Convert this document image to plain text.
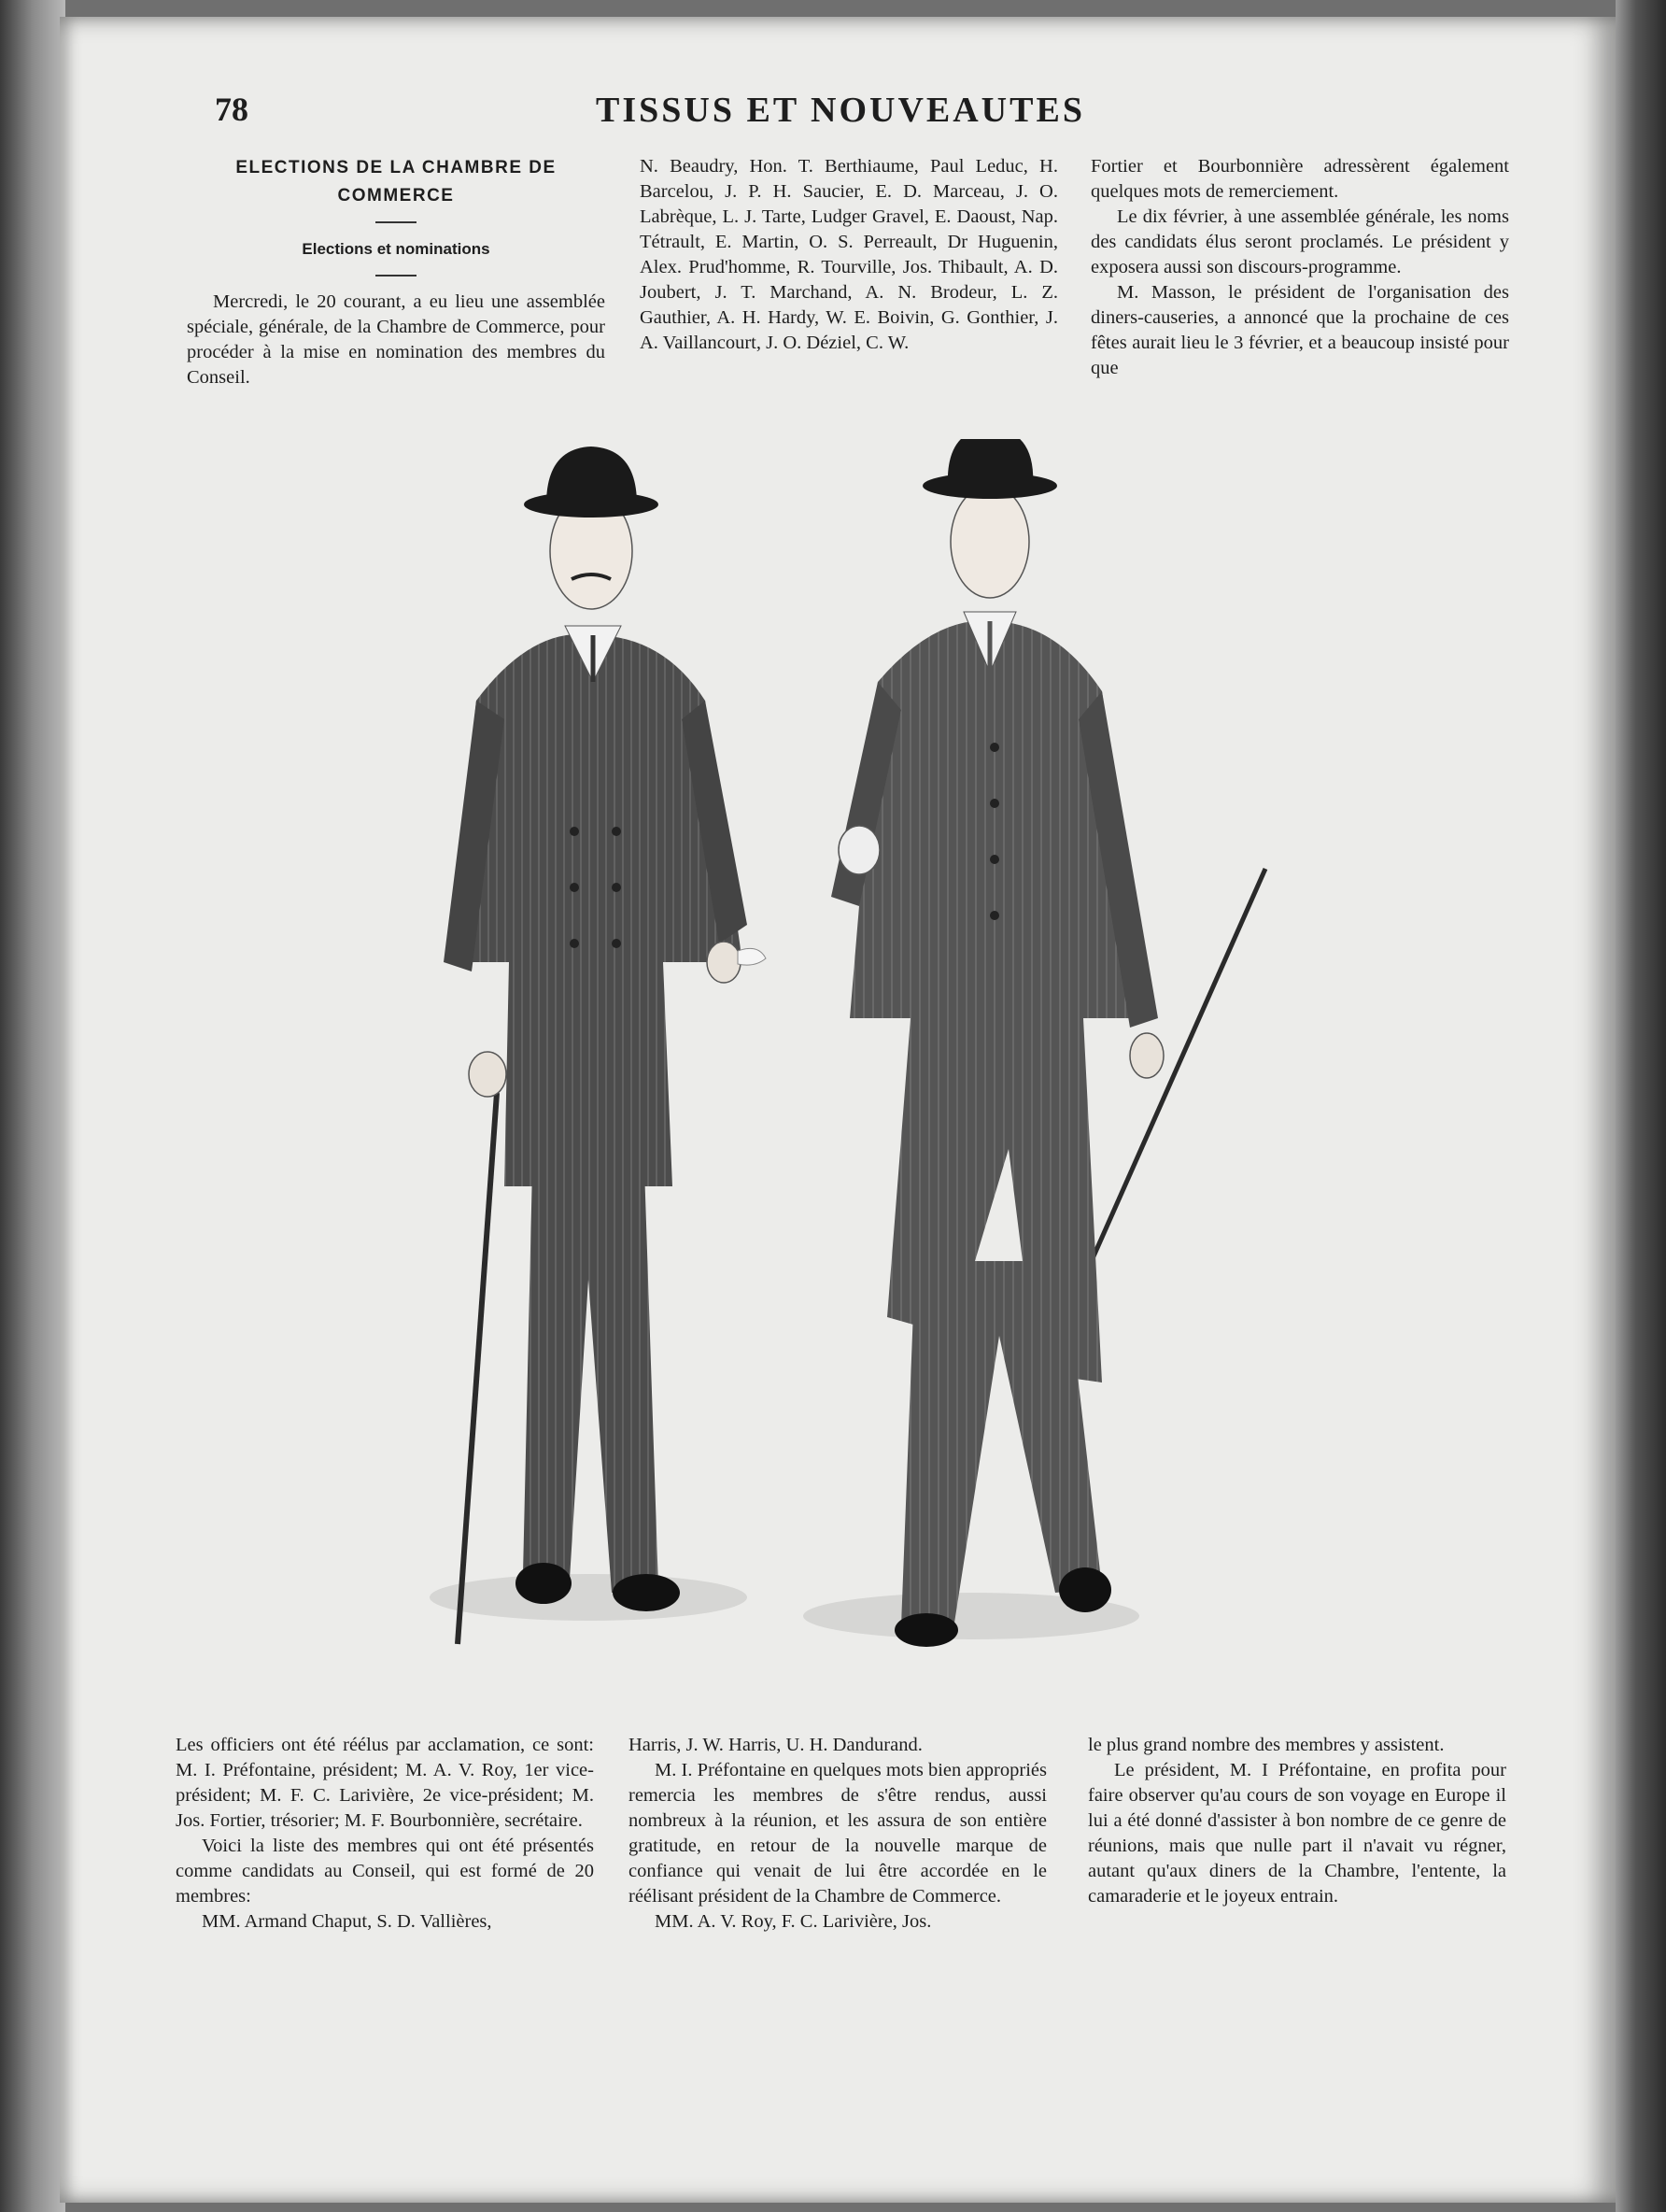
78	TISSUS ET NOUVEAUTES
ELECTIONS DE LA CHAMBRE DE COMMERCE
Elections et nominations

Mercredi, le 20 courant, a eu lieu une assemblée spéciale, générale, de la Chambre de Commerce, pour procéder à la mise en nomination des membres du Conseil.

N. Beaudry, Hon. T. Berthiaume, Paul Leduc, H. Barcelou, J. P. H. Saucier, E. D. Marceau, J. O. Labrèque, L. J. Tarte, Ludger Gravel, E. Daoust, Nap. Tétrault, E. Martin, O. S. Perreault, Dr Huguenin, Alex. Prud'homme, R. Tourville, Jos. Thibault, A. D. Joubert, J. T. Marchand, A. N. Brodeur, L. Z. Gauthier, A. H. Hardy, W. E. Boivin, G. Gonthier, J. A. Vaillancourt, J. O. Déziel, C. W.

Fortier et Bourbonnière adressèrent également quelques mots de remerciement.

Le dix février, à une assemblée générale, les noms des candidats élus seront proclamés. Le président y exposera aussi son discours-programme.

M. Masson, le président de l'organisation des diners-causeries, a annoncé que la prochaine de ces fêtes aurait lieu le 3 février, et a beaucoup insisté pour que

Les officiers ont été réélus par acclamation, ce sont: M. I. Préfontaine, président; M. A. V. Roy, 1er vice-président; M. F. C. Larivière, 2e vice-président; M. Jos. Fortier, trésorier; M. F. Bourbonnière, secrétaire.

Voici la liste des membres qui ont été présentés comme candidats au Conseil, qui est formé de 20 membres:

MM. Armand Chaput, S. D. Vallières,

Harris, J. W. Harris, U. H. Dandurand.

M. I. Préfontaine en quelques mots bien appropriés remercia les membres de s'être rendus, aussi nombreux à la réunion, et les assura de son entière gratitude, en retour de la nouvelle marque de confiance qui venait de lui être accordée en le réélisant président de la Chambre de Commerce.

MM. A. V. Roy, F. C. Larivière, Jos.

le plus grand nombre des membres y assistent.

Le président, M. I Préfontaine, en profita pour faire observer qu'au cours de son voyage en Europe il lui a été donné d'assister à bon nombre de ce genre de réunions, mais que nulle part il n'avait vu régner, autant qu'aux diners de la Chambre, l'entente, la camaraderie et le joyeux entrain.
